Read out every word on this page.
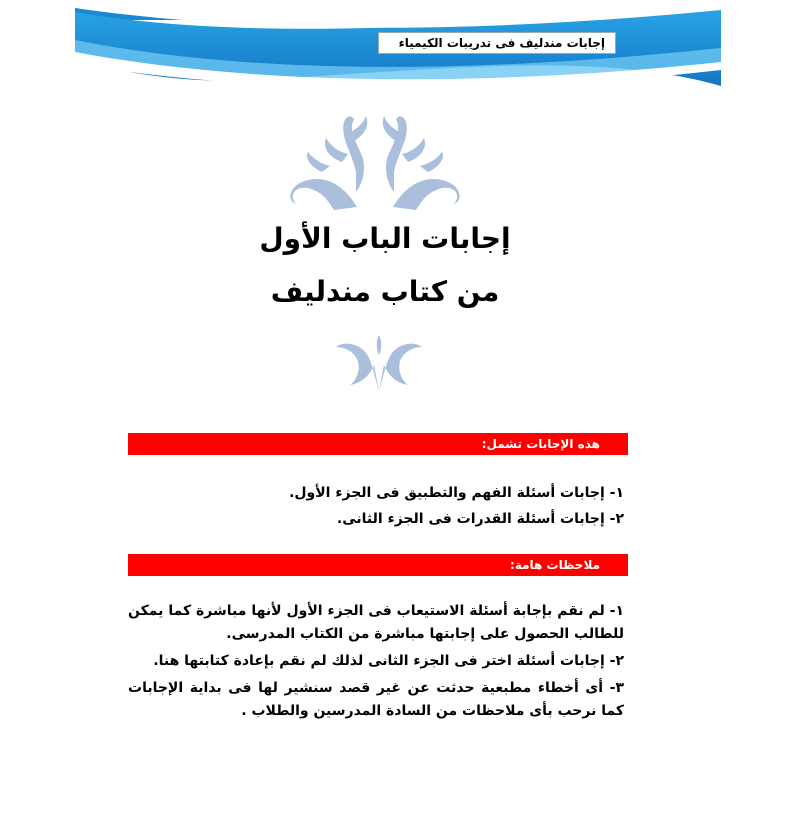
إجابات مندليف فى تدريبات الكيمياء
إجابات الباب الأول
من كتاب مندليف
هذه الإجابات تشمل:

١- إجابات أسئلة الفهم والتطبيق فى الجزء الأول.

٢- إجابات أسئلة القدرات فى الجزء الثانى.

ملاحظات هامة:

١- لم نقم بإجابة أسئلة الاستيعاب فى الجزء الأول لأنها مباشرة كما يمكن للطالب الحصول على إجابتها مباشرة من الكتاب المدرسى.

٢- إجابات أسئلة اختر فى الجزء الثانى لذلك لم نقم بإعادة كتابتها هنا.

٣- أى أخطاء مطبعية حدثت عن غير قصد سنشير لها فى بداية الإجابات كما نرحب بأى ملاحظات من السادة المدرسين والطلاب .
